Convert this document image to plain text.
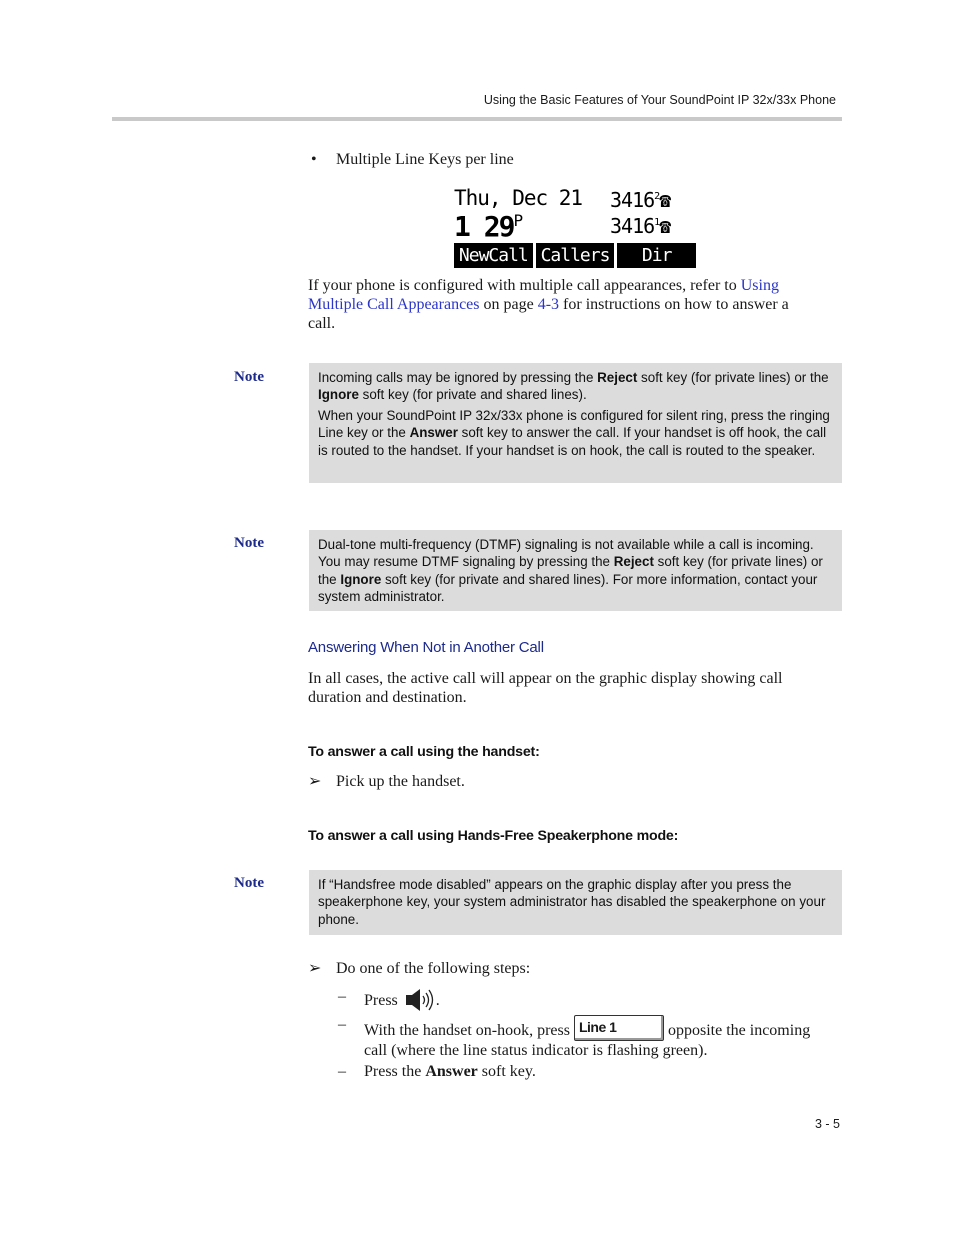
Using the Basic Features of Your SoundPoint IP 32x/33x Phone
• Multiple Line Keys per line
Thu, Dec 21
1 $29^P$
3416$^2$☎
3416$^1$☎
NewCall Callers	Dir
If your phone is configured with multiple call appearances, refer to Using
Multiple Call Appearances on page 4-3 for instructions on how to answer a
call.
Note	Incoming calls may be ignored by pressing the Reject soft key (for private lines) or the Ignore soft key (for private and shared lines).

When your SoundPoint IP 32x/33x phone is configured for silent ring, press the ringing Line key or the Answer soft key to answer the call. If your handset is off hook, the call is routed to the handset. If your handset is on hook, the call is routed to the speaker.

Note	Dual-tone multi-frequency (DTMF) signaling is not available while a call is incoming. You may resume DTMF signaling by pressing the Reject soft key (for private lines) or the Ignore soft key (for private and shared lines). For more information, contact your system administrator.

Answering When Not in Another Call
In all cases, the active call will appear on the graphic display showing call duration and destination.
To answer a call using the handset:
➢ Pick up the handset.
To answer a call using Hands-Free Speakerphone mode:
Note	If “Handsfree mode disabled” appears on the graphic display after you press the speakerphone key, your system administrator has disabled the speakerphone on your phone.

➢ Do one of the following steps:
– Press .
– With the handset on-hook, press Line 1	opposite the incoming
call (where the line status indicator is flashing green).
– Press the Answer soft key.
3 - 5
